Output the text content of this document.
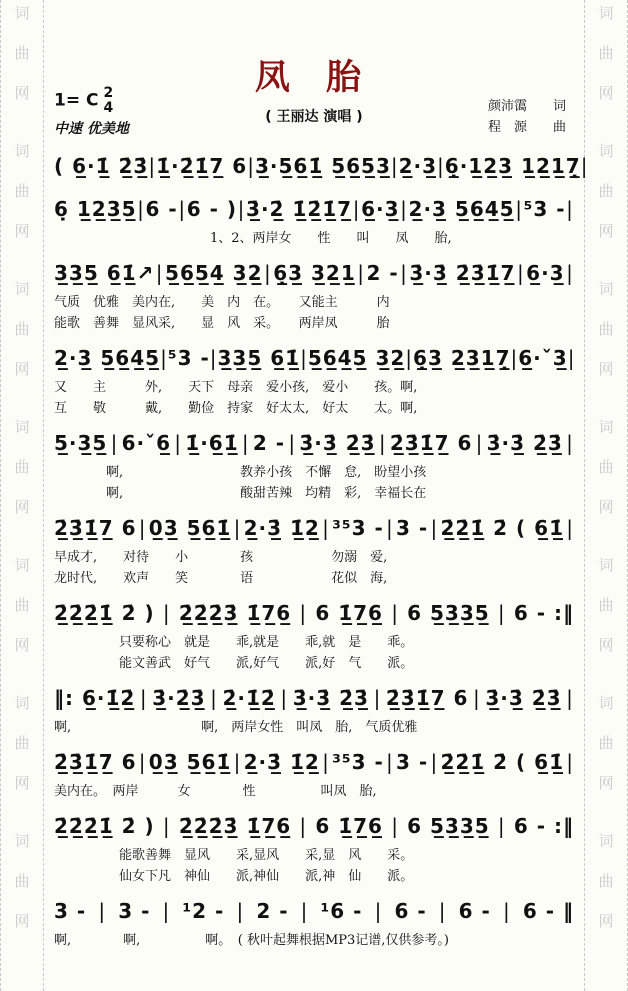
词
曲
网
词
曲
网
词
曲
网
词
曲
网
词
曲
网
词
曲
网
词
曲
网
词
曲
网
词
曲
网
词
曲
网
词
曲
网
词
曲
网
词
曲
网
词
曲
网
凤 胎
( 王丽达 演唱 )
颜沛霭　　词
程　源　　曲
1= C 2
4
中速 优美地
( 6̲·1̲̇ 2̲̇3̲̇ | 1̲̇·2̲̇1̲̇7̲ 6 | 3̲·5̲6̲1̲̇ 5̲6̲5̲3̲ | 2̲·3̲ | 6̲̣·1̲2̲3̲ 1̲2̲1̲7̲̣ |
6̣ 1̲2̲3̲5̲ | 6 - | 6 - ) | 3̲̇·2̲̇ 1̲̇2̲̇1̲̇7̲ | 6̲·3̲ | 2̲·3̲ 5̲6̲4̲5̲ | ⁵3 - |
　　　　　　　　　　　　1、2、两岸女　　性　　叫　　凤　　胎,
3̲3̲5̲ 6̲1̲̇↗ | 5̲6̲5̲4̲ 3̲2̲ | 6̲̣3̲ 3̲2̲1̲ | 2 - | 3̲̇·3̲̇ 2̲̇3̲̇1̲̇7̲ | 6̲·3̲ |
气质　优雅　美内在,　　美　内　在。　　又能主　　　内
能歌　善舞　显风采,　　显　风　采。　　两岸凤　　　胎
2̲·3̲ 5̲6̲4̲5̲ | ⁵3 - | 3̲3̲5̲ 6̲1̲̇ | 5̲6̲4̲5̲ 3̲2̲ | 6̲̣3̲ 2̲3̲1̲7̲̣ | 6̲·ˇ3̲ |
又　　主　　　外,　　天下　母亲　爱小孩,　爱小　　孩。啊,
互　　敬　　　戴,　　勤俭　持家　好太太,　好太　　太。啊,
5̲·3̲5̲ | 6·ˇ6̲ | 1̲̇·6̲1̲̇ | 2 - | 3̲̇·3̲̇ 2̲̇3̲̇ | 2̲̇3̲̇1̲̇7̲ 6 | 3̲̇·3̲̇ 2̲̇3̲̇ |
　　　　啊,　　　　　　　　　教养小孩　不懈　怠,　盼望小孩
　　　　啊,　　　　　　　　　酸甜苦辣　均精　彩,　幸福长在
2̲̇3̲̇1̲̇7̲ 6 | 0̲3̲ 5̲6̲1̲̇ | 2̲·3̲̇ 1̲̇2̲ | ³⁵3 - | 3 - | 2̲̇2̲̇1̲̇ 2̇ ( 6̲1̲̇ |
早成才,　　对待　　小　　　　孩　　　　　　勿溺　爱,
龙时代,　　欢声　　笑　　　　语　　　　　　花似　海,
2̲̇2̲̇2̲̇1̲̇ 2̇ ) | 2̲̇2̲̇2̲̇3̲̇ 1̲̇7̲6̲ | 6 1̲̇7̲6̲ | 6 5̲3̲3̲5̲ | 6 - :‖
　　　　　只要称心　就是　　乖,就是　　乖,就　是　　乖。
　　　　　能文善武　好气　　派,好气　　派,好　气　　派。
‖: 6̲·1̲̇2̲̇ | 3̲̇·2̲̇3̲̇ | 2̲̇·1̲̇2̲̇ | 3̲̇·3̲̇ 2̲̇3̲̇ | 2̲̇3̲̇1̲̇7̲ 6 | 3̲̇·3̲̇ 2̲̇3̲̇ |
啊,　　　　　　　　　　啊,　两岸女性　叫凤　胎,　气质优雅
2̲̇3̲̇1̲̇7̲ 6 | 0̲3̲ 5̲6̲1̲̇ | 2̲·3̲̇ 1̲̇2̲ | ³⁵3 - | 3 - | 2̲̇2̲̇1̲̇ 2̇ ( 6̲1̲̇ |
美内在。　两岸　　　女　　　　性　　　　　叫凤　胎,
2̲̇2̲̇2̲̇1̲̇ 2̇ ) | 2̲̇2̲̇2̲̇3̲̇ 1̲̇7̲6̲ | 6 1̲̇7̲6̲ | 6 5̲3̲3̲5̲ | 6 - :‖
　　　　　能歌善舞　显风　　采,显风　　采,显　风　　采。
　　　　　仙女下凡　神仙　　派,神仙　　派,神　仙　　派。
3 - | 3 - | ¹2 - | 2 - | ¹6 - | 6 - | 6 - | 6 - ‖
啊,　　　　啊,　　　　　啊。　( 秋叶起舞根据MP3记谱,仅供参考。)
